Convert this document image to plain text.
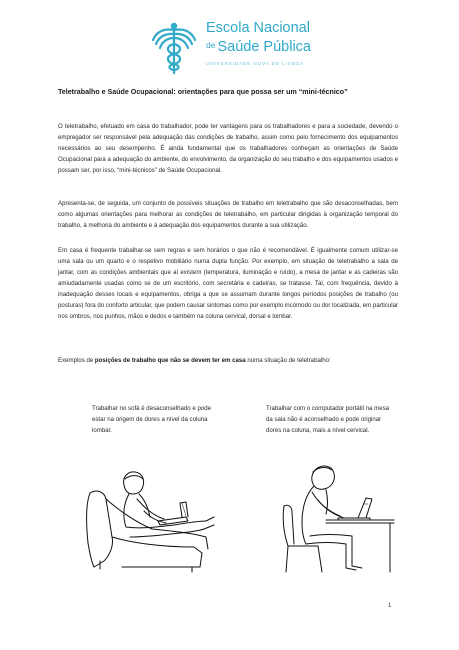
Escola Nacional
$^{de}$ Saúde Pública
UNIVERSIDADE NOVA DE LISBOA
Teletrabalho e Saúde Ocupacional: orientações para que possa ser um “mini-técnico”
O teletrabalho, efetuado em casa do trabalhador, pode ter vantagens para os trabalhadores e para a sociedade, devendo o empregador ser responsável pela adequação das condições de trabalho, assim como pelo fornecimento dos equipamentos necessários ao seu desempenho. É ainda fundamental que os trabalhadores conheçam as orientações de Saúde Ocupacional para a adequação do ambiente, do envolvimento, da organização do seu trabalho e dos equipamentos usados e possam ser, por isso, “mini-técnicos” de Saúde Ocupacional.
Apresenta-se, de seguida, um conjunto de possíveis situações de trabalho em teletrabalho que são desaconselhadas, bem como algumas orientações para melhorar as condições de teletrabalho, em particular dirigidas à organização temporal do trabalho, à melhoria do ambiente e à adequação dos equipamentos durante a sua utilização.
Em casa é frequente trabalhar-se sem regras e sem horários o que não é recomendável. É igualmente comum utilizar-se uma sala ou um quarto e o respetivo mobiliário numa dupla função. Por exemplo, em situação de teletrabalho a sala de jantar, com as condições ambientais que aí existem (temperatura, iluminação e ruído), a mesa de jantar e as cadeiras são amiudadamente usadas como se de um escritório, com secretária e cadeiras, se tratasse. Tal, com frequência, devido à inadequação desses locais e equipamentos, obriga a que se assumam durante longos períodos posições de trabalho (ou posturas) fora do conforto articular, que podem causar sintomas como por exemplo incómodo ou dor localizada, em particular nos ombros, nos punhos, mãos e dedos e também na coluna cervical, dorsal e lombar.
Exemplos de posições de trabalho que não se devem ter em casa numa situação de teletrabalho:
Trabalhar no sofá é desaconselhado e pode estar na origem de dores a nível da coluna lombar.
Trabalhar com o computador portátil na mesa da sala não é aconselhado e pode originar dores na coluna, mais a nível cervical.
1
